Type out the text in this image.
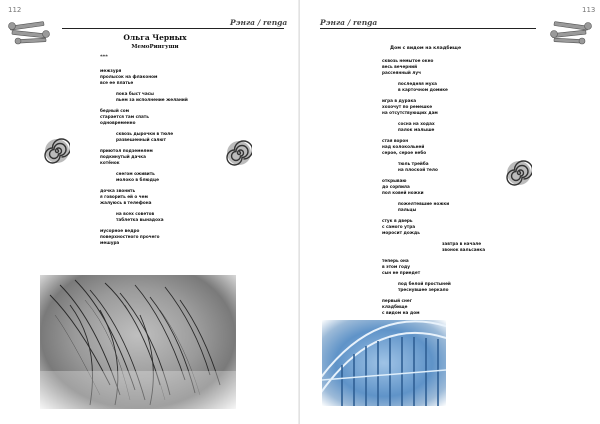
112
Рэнга / renga
Ольга Черных
МемоРингуши
***
межзуря
пролысок на флаконом
все ее платье
пока быст часы
пьем за исполнение желаний
бедный сом
старается там спать
одновременно
сквозь дырочки в тюле
развешенный салют
приютол подземелем
подкинутый дачка
котёнок
снегом оживить
молоко в блюдце
дочка звонить
я говорить ей о чем
жалуюсь в телефона
на всех советов
таблетка вынадоха
мусорное ведро
поверхностного прочего
мешура
Рэнга / renga
113
Дом с видом на кладбище
сквозь немытое окно
весь вечерний
рассеянный луч
последняя муха
в карточном домике
игра в дурака
хохочут по ремешке
на отсутствующих дам
сосна на ходах
палок малыше
стая ворон
над колокольней
серое, серое небо
тюль трейба
на плоской тело
открываю
до сорпила
пол ковей ножки
пожелтевшие ножки
пальцы
стук в дверь
с самого утра
моросит дождь
завтра в начале
звонок вальсанка
теперь она
в этом году
сын не приедет
под белой простыней
треснувшее зеркало
первый снег
кладбище
с видом на дом
